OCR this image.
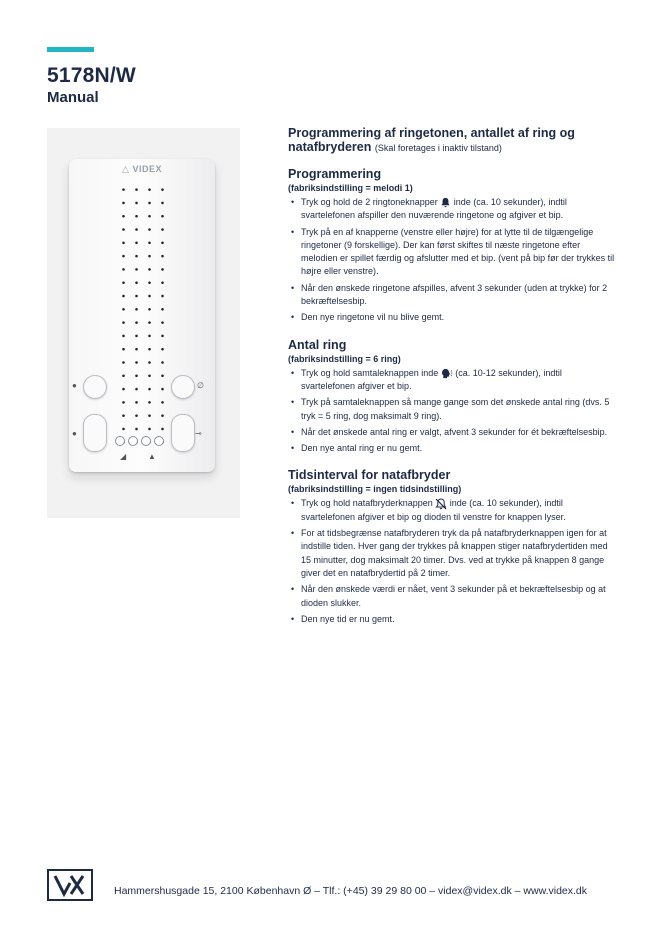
5178N/W
Manual
△ VIDEX
●	∅
●	⊸
◢	▲

Programmering af ringetonen, antallet af ring og natafbryderen (Skal foretages i inaktiv tilstand)

Programmering

(fabriksindstilling = melodi 1)

• Tryk og hold de 2 ringtoneknapper inde (ca. 10 sekunder), indtil svartelefonen afspiller den nuværende ringetone og afgiver et bip.
• Tryk på en af knapperne (venstre eller højre) for at lytte til de tilgængelige ringetoner (9 forskellige). Der kan først skiftes til næste ringetone efter melodien er spillet færdig og afslutter med et bip. (vent på bip før der trykkes til højre eller venstre).
• Når den ønskede ringetone afspilles, afvent 3 sekunder (uden at trykke) for 2 bekræftelsesbip.
• Den nye ringetone vil nu blive gemt.

Antal ring

(fabriksindstilling = 6 ring)

• Tryk og hold samtaleknappen inde (ca. 10-12 sekunder), indtil svartelefonen afgiver et bip.
• Tryk på samtaleknappen så mange gange som det ønskede antal ring (dvs. 5 tryk = 5 ring, dog maksimalt 9 ring).
• Når det ønskede antal ring er valgt, afvent 3 sekunder for ét bekræftelsesbip.
• Den nye antal ring er nu gemt.

Tidsinterval for natafbryder

(fabriksindstilling = ingen tidsindstilling)

• Tryk og hold natafbryderknappen inde (ca. 10 sekunder), indtil svartelefonen afgiver et bip og dioden til venstre for knappen lyser.
• For at tidsbegrænse natafbryderen tryk da på natafbryderknappen igen for at indstille tiden. Hver gang der trykkes på knappen stiger natafbrydertiden med 15 minutter, dog maksimalt 20 timer. Dvs. ved at trykke på knappen 8 gange giver det en natafbrydertid på 2 timer.
• Når den ønskede værdi er nået, vent 3 sekunder på et bekræftelsesbip og at dioden slukker.
• Den nye tid er nu gemt.
Hammershusgade 15, 2100 København Ø – Tlf.: (+45) 39 29 80 00 – videx@videx.dk – www.videx.dk
